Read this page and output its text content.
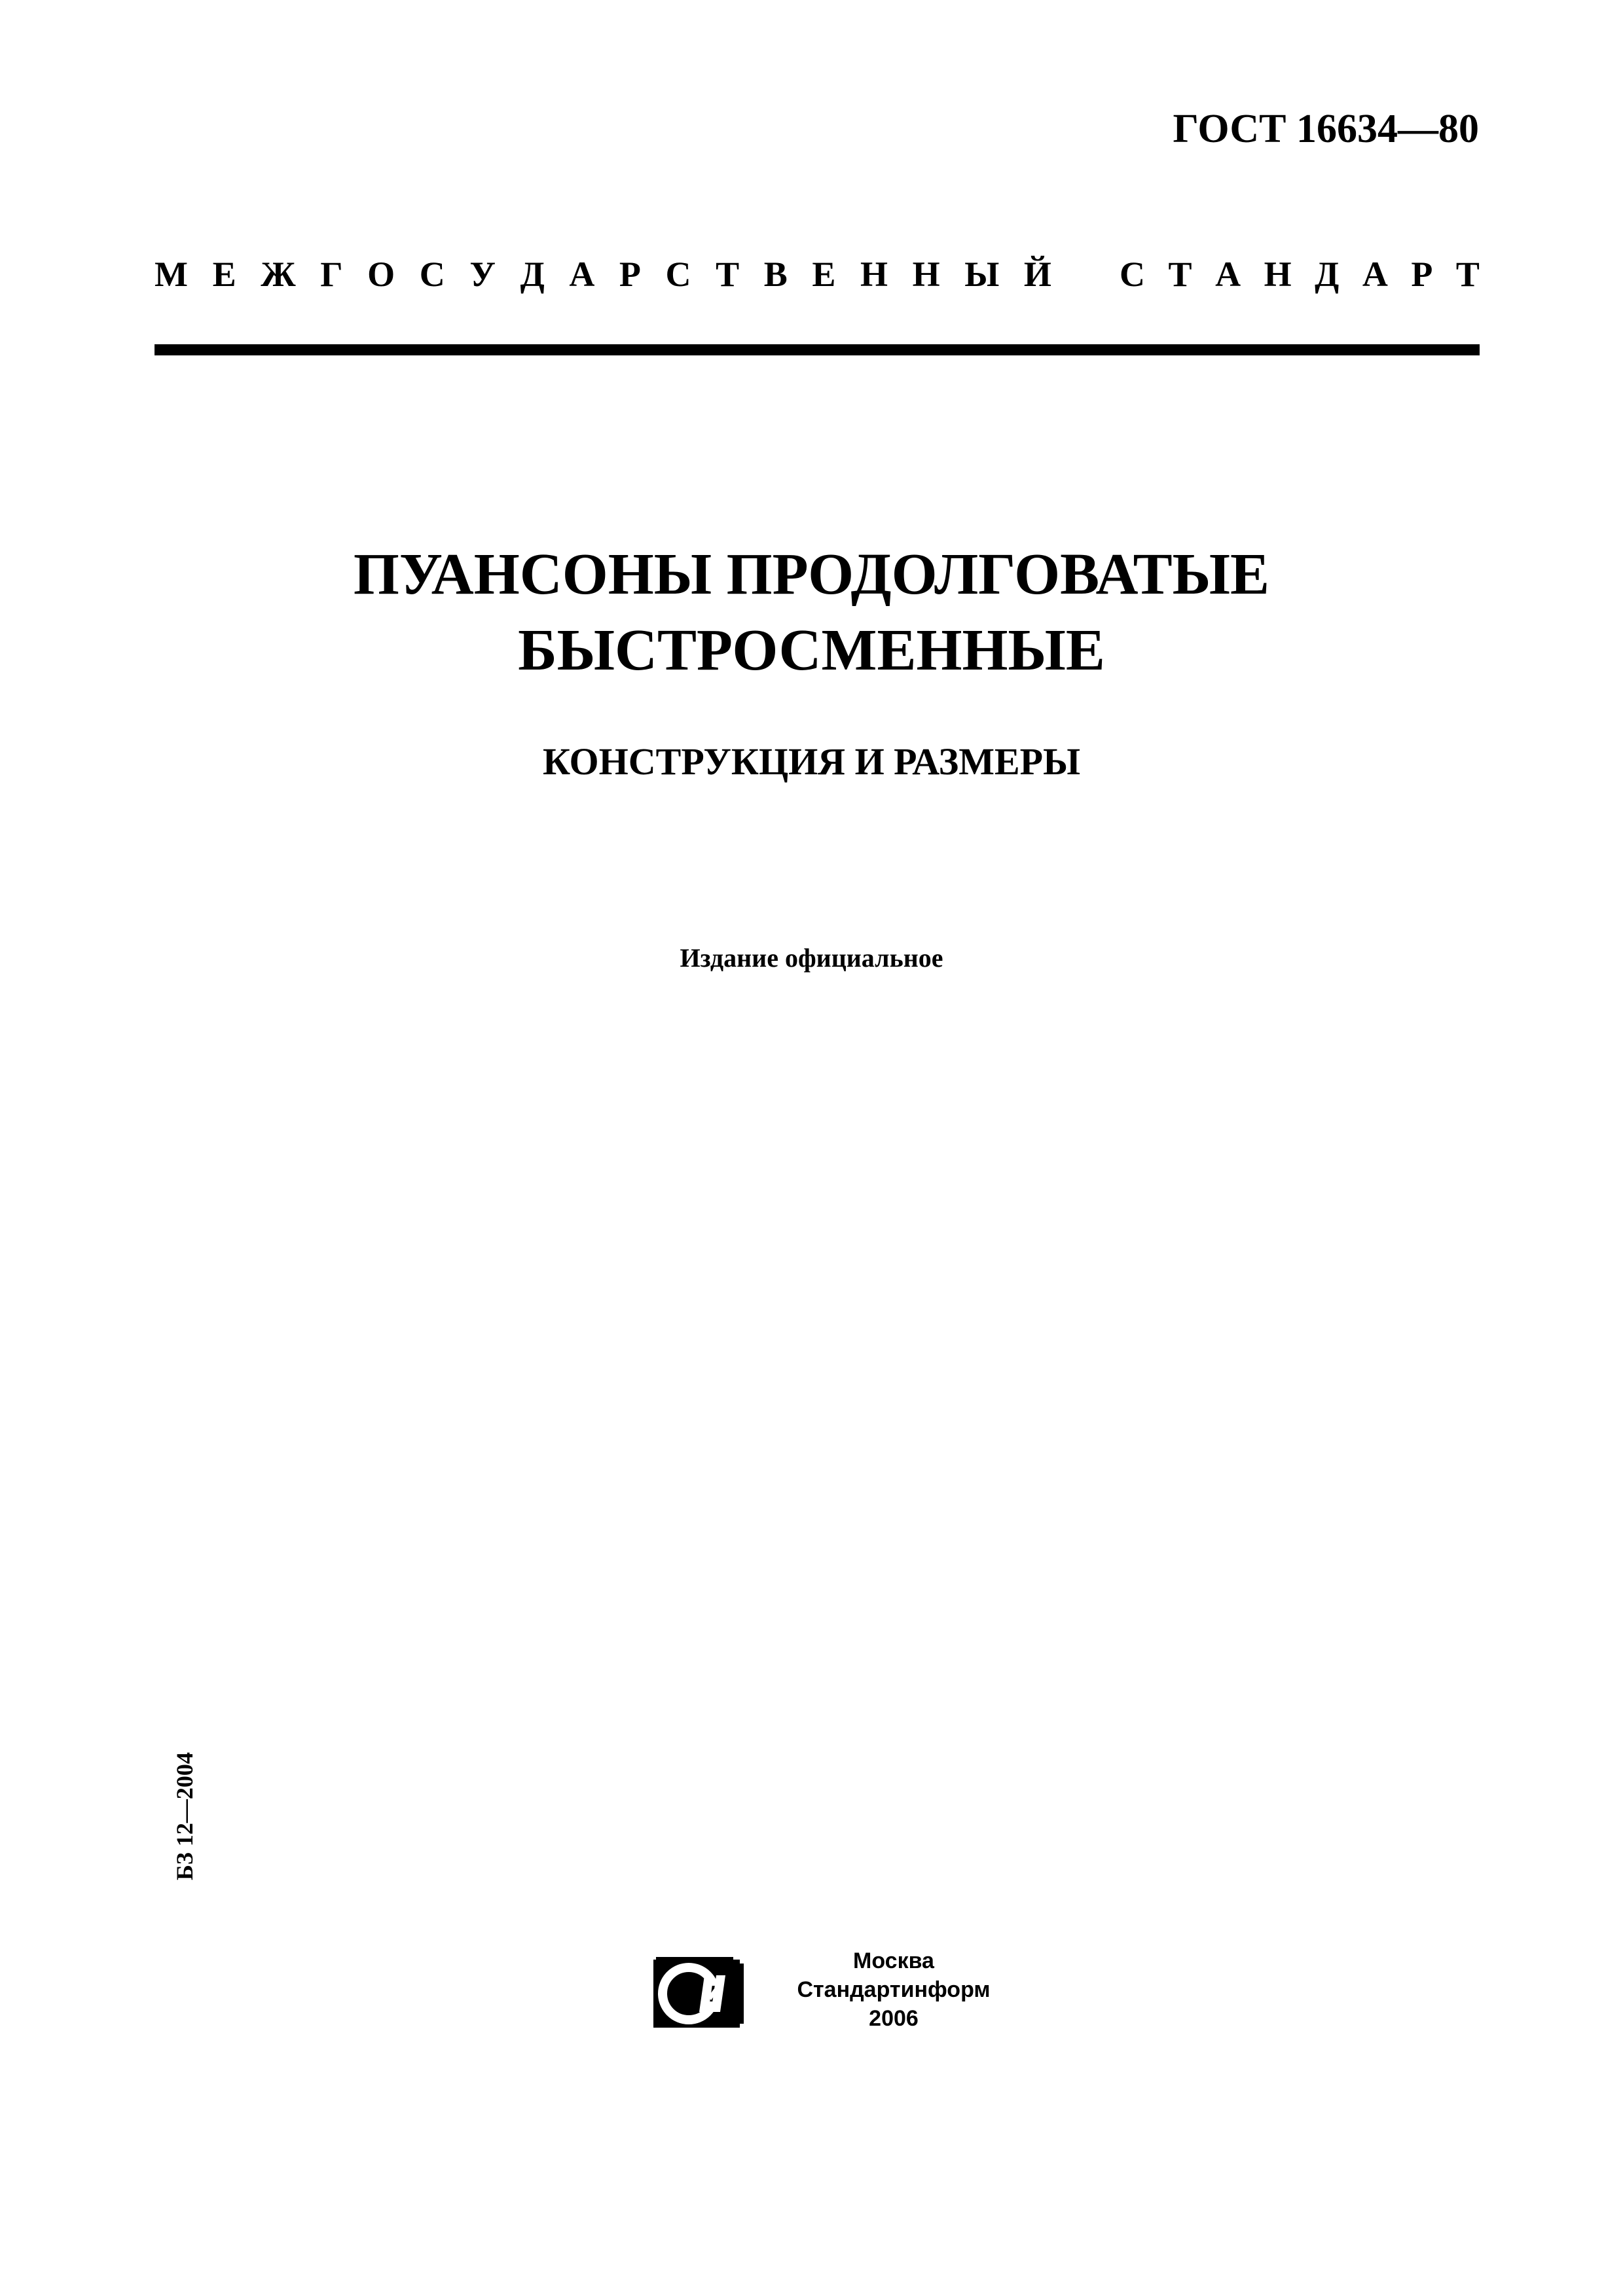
ГОСТ 16634—80
М Е Ж Г О С У Д А Р С Т В Е Н Н Ы Й С Т А Н Д А Р Т
ПУАНСОНЫ ПРОДОЛГОВАТЫЕ
БЫСТРОСМЕННЫЕ
КОНСТРУКЦИЯ И РАЗМЕРЫ
Издание официальное
БЗ 12—2004
Москва
Стандартинформ
2006
